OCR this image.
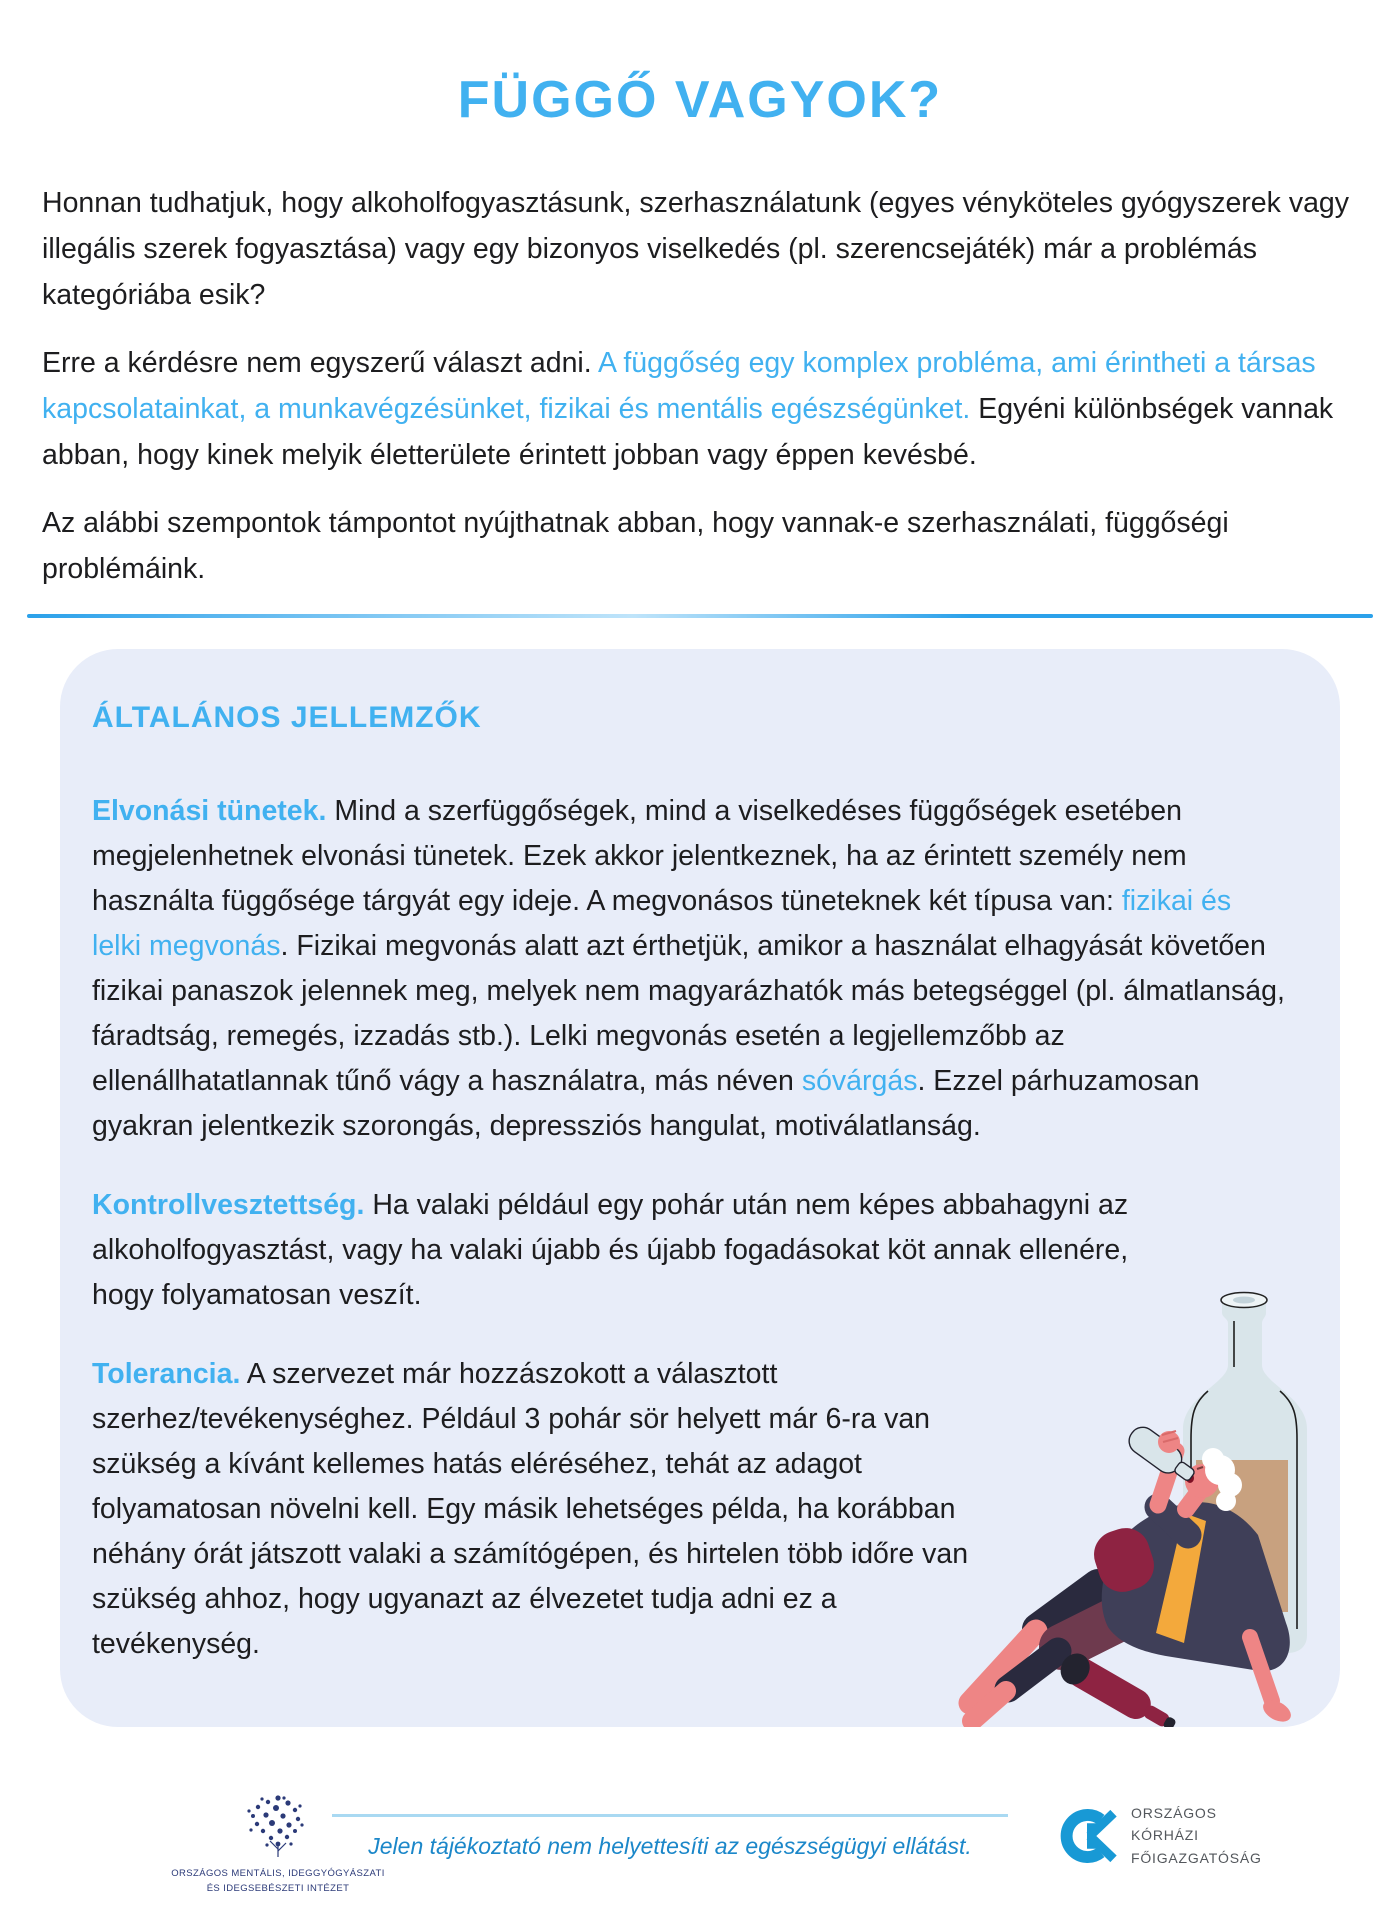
FÜGGŐ VAGYOK?

Honnan tudhatjuk, hogy alkoholfogyasztásunk, szerhasználatunk (egyes vényköteles gyógyszerek vagy illegális szerek fogyasztása) vagy egy bizonyos viselkedés (pl. szerencsejáték) már a problémás kategóriába esik?

Erre a kérdésre nem egyszerű választ adni. A függőség egy komplex probléma, ami érintheti a társas kapcsolatainkat, a munkavégzésünket, fizikai és mentális egészségünket. Egyéni különbségek vannak abban, hogy kinek melyik életterülete érintett jobban vagy éppen kevésbé.

Az alábbi szempontok támpontot nyújthatnak abban, hogy vannak-e szerhasználati, függőségi problémáink.

ÁLTALÁNOS JELLEMZŐK
Elvonási tünetek. Mind a szerfüggőségek, mind a viselkedéses függőségek esetében megjelenhetnek elvonási tünetek. Ezek akkor jelentkeznek, ha az érintett személy nem használta függősége tárgyát egy ideje. A megvonásos tüneteknek két típusa van: fizikai és lelki megvonás. Fizikai megvonás alatt azt érthetjük, amikor a használat elhagyását követően fizikai panaszok jelennek meg, melyek nem magyarázhatók más betegséggel (pl. álmatlanság, fáradtság, remegés, izzadás stb.). Lelki megvonás esetén a legjellemzőbb az ellenállhatatlannak tűnő vágy a használatra, más néven sóvárgás. Ezzel párhuzamosan gyakran jelentkezik szorongás, depressziós hangulat, motiválatlanság.
Kontrollvesztettség. Ha valaki például egy pohár után nem képes abbahagyni az alkoholfogyasztást, vagy ha valaki újabb és újabb fogadásokat köt annak ellenére, hogy folyamatosan veszít.
Tolerancia. A szervezet már hozzászokott a választott szerhez/tevékenységhez. Például 3 pohár sör helyett már 6-ra van szükség a kívánt kellemes hatás eléréséhez, tehát az adagot folyamatosan növelni kell. Egy másik lehetséges példa, ha korábban néhány órát játszott valaki a számítógépen, és hirtelen több időre van szükség ahhoz, hogy ugyanazt az élvezetet tudja adni ez a tevékenység.
ORSZÁGOS MENTÁLIS, IDEGGYÓGYÁSZATI
ÉS IDEGSEBÉSZETI INTÉZET
Jelen tájékoztató nem helyettesíti az egészségügyi ellátást.
ORSZÁGOS
KÓRHÁZI
FŐIGAZGATÓSÁG
